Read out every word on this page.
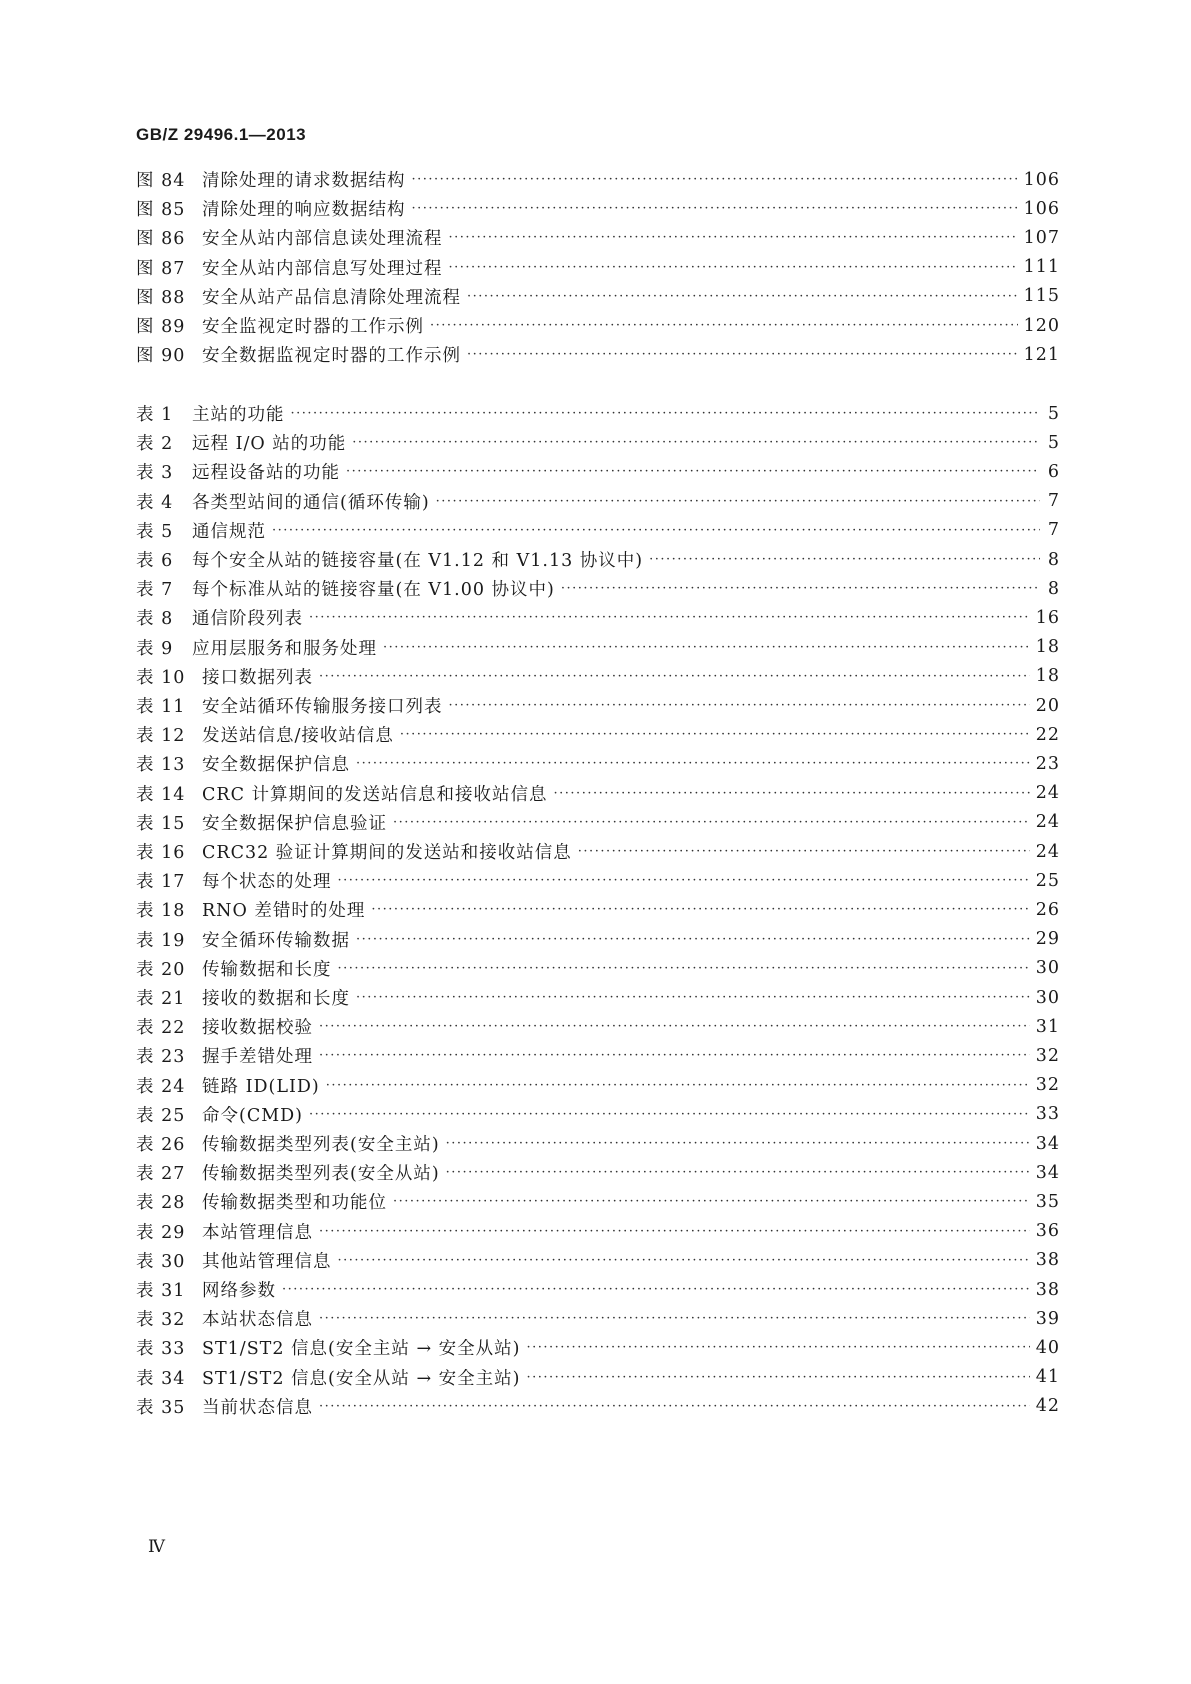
GB/Z 29496.1—2013
图 84 清除处理的请求数据结构 ·····	106
图 85 清除处理的响应数据结构 ·····	106
图 86 安全从站内部信息读处理流程 ·····	107
图 87 安全从站内部信息写处理过程 ·····	111
图 88 安全从站产品信息清除处理流程 ·····	115
图 89 安全监视定时器的工作示例 ·····	120
图 90 安全数据监视定时器的工作示例 ·····	121
表 1 主站的功能 ·····	5
表 2 远程 I/O 站的功能 ·····	5
表 3 远程设备站的功能 ·····	6
表 4 各类型站间的通信(循环传输) ·····	7
表 5 通信规范 ·····	7
表 6 每个安全从站的链接容量(在 V1.12 和 V1.13 协议中) ·····	8
表 7 每个标准从站的链接容量(在 V1.00 协议中) ·····	8
表 8 通信阶段列表 ·····	16
表 9 应用层服务和服务处理 ·····	18
表 10 接口数据列表 ·····	18
表 11 安全站循环传输服务接口列表 ·····	20
表 12 发送站信息/接收站信息 ·····	22
表 13 安全数据保护信息 ·····	23
表 14 CRC 计算期间的发送站信息和接收站信息 ·····	24
表 15 安全数据保护信息验证 ·····	24
表 16 CRC32 验证计算期间的发送站和接收站信息 ·····	24
表 17 每个状态的处理 ·····	25
表 18 RNO 差错时的处理 ·····	26
表 19 安全循环传输数据 ·····	29
表 20 传输数据和长度 ·····	30
表 21 接收的数据和长度 ·····	30
表 22 接收数据校验 ·····	31
表 23 握手差错处理 ·····	32
表 24 链路 ID(LID) ·····	32
表 25 命令(CMD) ·····	33
表 26 传输数据类型列表(安全主站) ·····	34
表 27 传输数据类型列表(安全从站) ·····	34
表 28 传输数据类型和功能位 ·····	35
表 29 本站管理信息 ·····	36
表 30 其他站管理信息 ·····	38
表 31 网络参数 ·····	38
表 32 本站状态信息 ·····	39
表 33 ST1/ST2 信息(安全主站 → 安全从站) ·····	40
表 34 ST1/ST2 信息(安全从站 → 安全主站) ·····	41
表 35 当前状态信息 ·····	42
Ⅳ
